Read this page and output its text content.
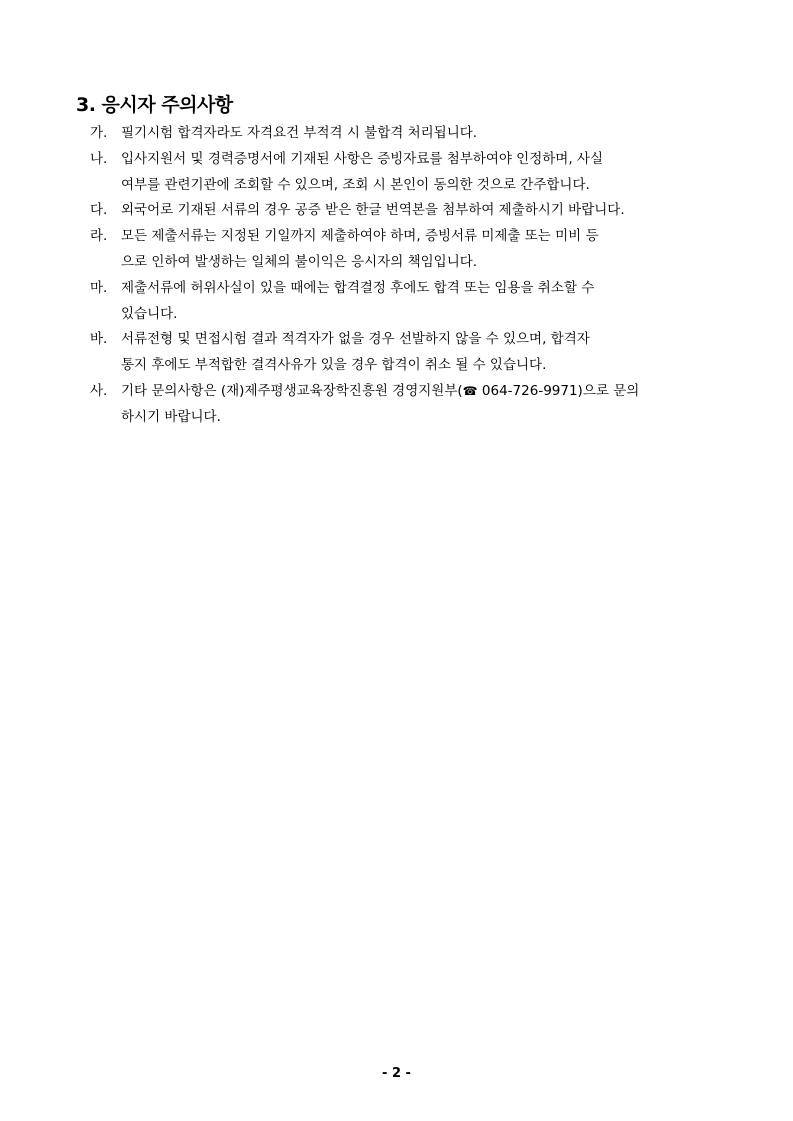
3. 응시자 주의사항
가. 필기시험 합격자라도 자격요건 부적격 시 불합격 처리됩니다.
나. 입사지원서 및 경력증명서에 기재된 사항은 증빙자료를 첨부하여야 인정하며, 사실
여부를 관련기관에 조회할 수 있으며, 조회 시 본인이 동의한 것으로 간주합니다.
다. 외국어로 기재된 서류의 경우 공증 받은 한글 번역본을 첨부하여 제출하시기 바랍니다.
라. 모든 제출서류는 지정된 기일까지 제출하여야 하며, 증빙서류 미제출 또는 미비 등
으로 인하여 발생하는 일체의 불이익은 응시자의 책임입니다.
마. 제출서류에 허위사실이 있을 때에는 합격결정 후에도 합격 또는 임용을 취소할 수
있습니다.
바. 서류전형 및 면접시험 결과 적격자가 없을 경우 선발하지 않을 수 있으며, 합격자
통지 후에도 부적합한 결격사유가 있을 경우 합격이 취소 될 수 있습니다.
사. 기타 문의사항은 (재)제주평생교육장학진흥원 경영지원부(☎ 064-726-9971)으로 문의
하시기 바랍니다.
- 2 -
